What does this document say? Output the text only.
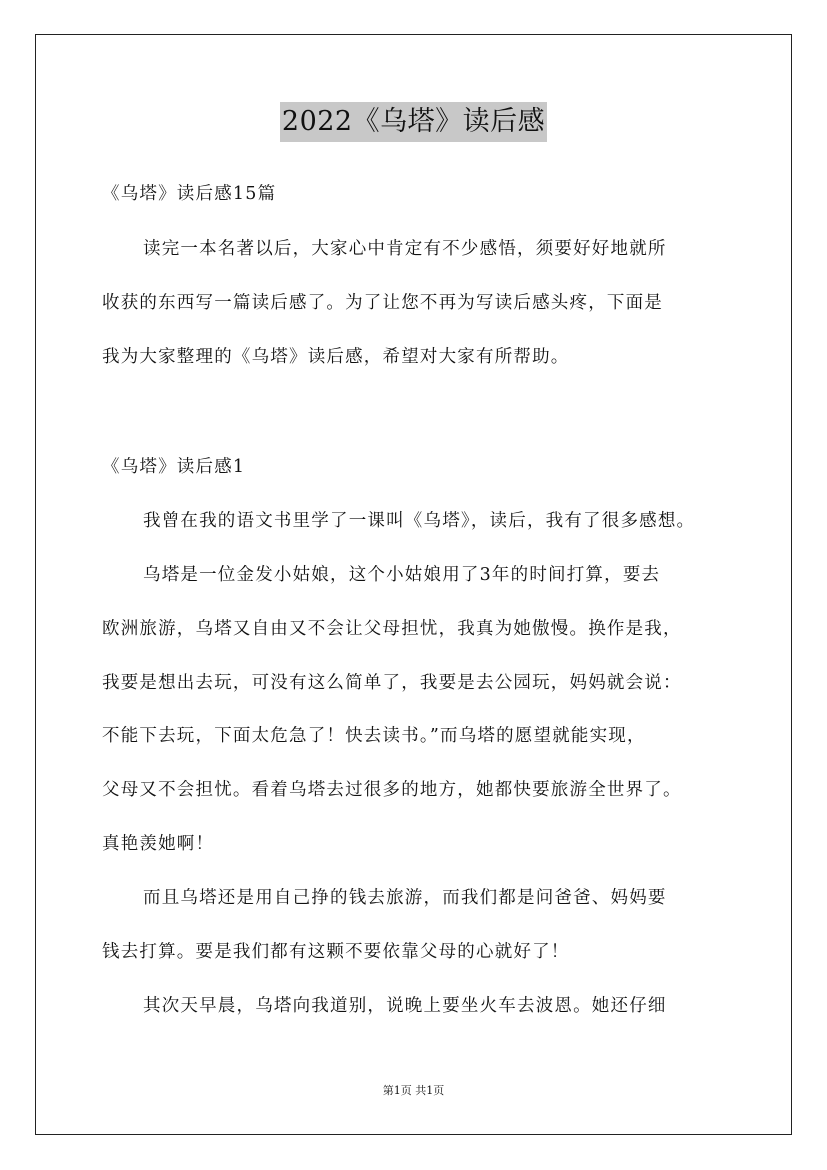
2022《乌塔》读后感
《乌塔》读后感15篇
读完一本名著以后，大家心中肯定有不少感悟，须要好好地就所
收获的东西写一篇读后感了。为了让您不再为写读后感头疼，下面是
我为大家整理的《乌塔》读后感，希望对大家有所帮助。
《乌塔》读后感1
我曾在我的语文书里学了一课叫《乌塔》，读后，我有了很多感想。
乌塔是一位金发小姑娘，这个小姑娘用了3年的时间打算，要去
欧洲旅游，乌塔又自由又不会让父母担忧，我真为她傲慢。换作是我，
我要是想出去玩，可没有这么简单了，我要是去公园玩，妈妈就会说：
不能下去玩，下面太危急了！快去读书。”而乌塔的愿望就能实现，
父母又不会担忧。看着乌塔去过很多的地方，她都快要旅游全世界了。
真艳羡她啊！
而且乌塔还是用自己挣的钱去旅游，而我们都是问爸爸、妈妈要
钱去打算。要是我们都有这颗不要依靠父母的心就好了！
其次天早晨，乌塔向我道别，说晚上要坐火车去波恩。她还仔细
第1页 共1页
